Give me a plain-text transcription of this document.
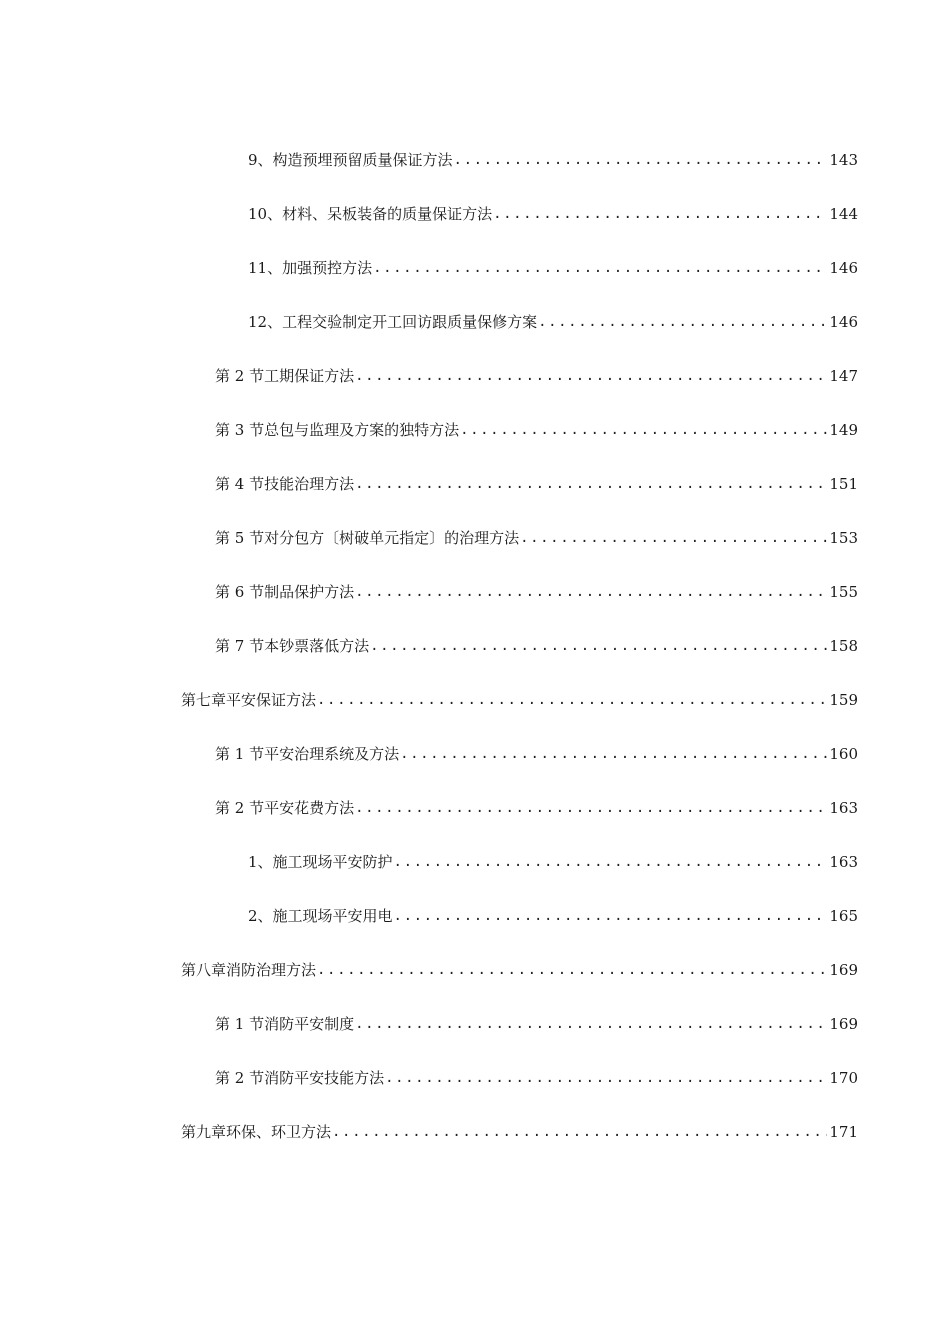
9、构造预埋预留质量保证方法 .....	143
10、材料、呆板装备的质量保证方法 .....	144
11、加强预控方法 .....	146
12、工程交验制定开工回访跟质量保修方案 .....	146
第 2 节工期保证方法 .....	147
第 3 节总包与监理及方案的独特方法 .....	149
第 4 节技能治理方法 .....	151
第 5 节对分包方〔树破单元指定〕的治理方法 .....	153
第 6 节制品保护方法 .....	155
第 7 节本钞票落低方法 .....	158
第七章平安保证方法 .....	159
第 1 节平安治理系统及方法 .....	160
第 2 节平安花费方法 .....	163
1、施工现场平安防护 .....	163
2、施工现场平安用电 .....	165
第八章消防治理方法 .....	169
第 1 节消防平安制度 .....	169
第 2 节消防平安技能方法 .....	170
第九章环保、环卫方法 .....	171
